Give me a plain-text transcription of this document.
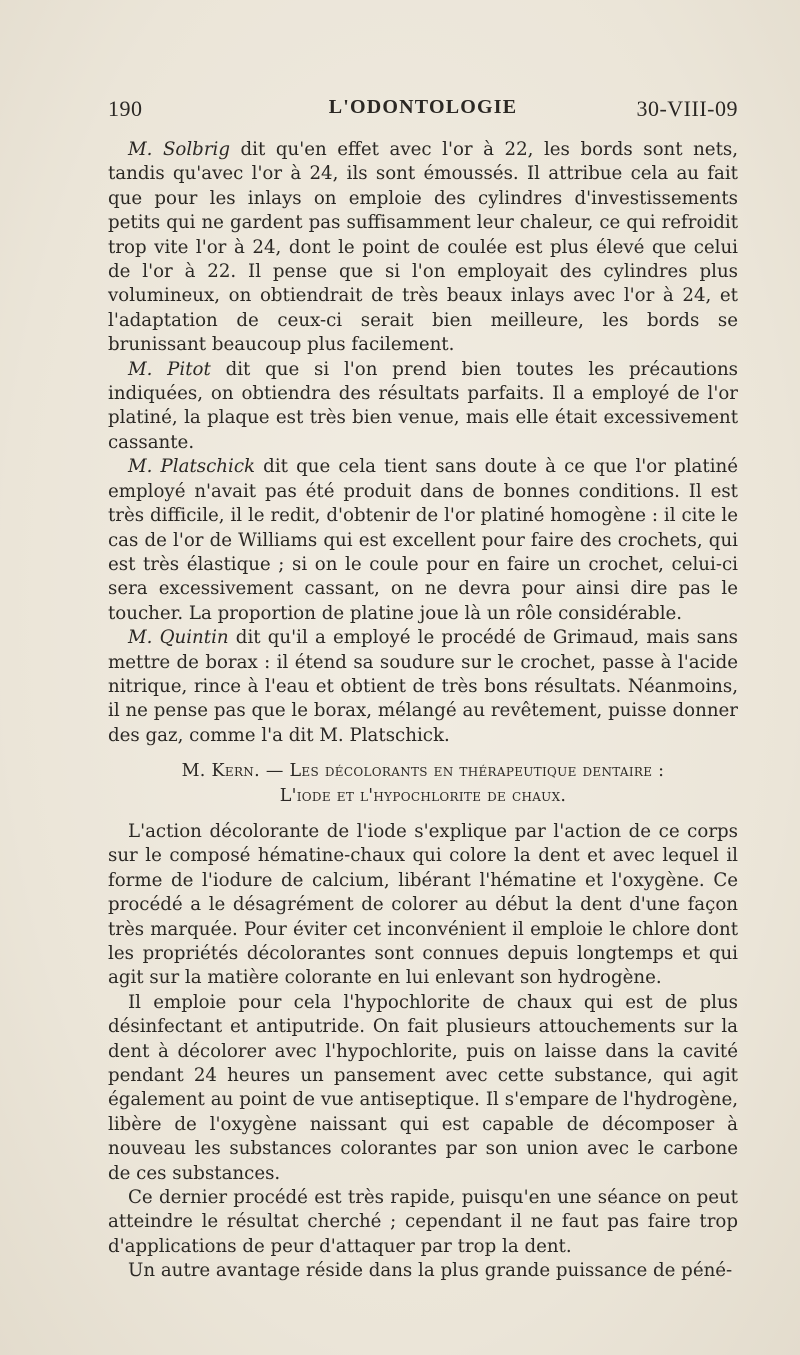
190	L'ODONTOLOGIE	30-VIII-09

M. Solbrig dit qu'en effet avec l'or à 22, les bords sont nets, tandis qu'avec l'or à 24, ils sont émoussés. Il attribue cela au fait que pour les inlays on emploie des cylindres d'investissements petits qui ne gardent pas suffisamment leur chaleur, ce qui refroidit trop vite l'or à 24, dont le point de coulée est plus élevé que celui de l'or à 22. Il pense que si l'on employait des cylindres plus volumineux, on obtiendrait de très beaux inlays avec l'or à 24, et l'adaptation de ceux-ci serait bien meilleure, les bords se brunissant beaucoup plus facilement.

M. Pitot dit que si l'on prend bien toutes les précautions indiquées, on obtiendra des résultats parfaits. Il a employé de l'or platiné, la plaque est très bien venue, mais elle était excessivement cassante.

M. Platschick dit que cela tient sans doute à ce que l'or platiné employé n'avait pas été produit dans de bonnes conditions. Il est très difficile, il le redit, d'obtenir de l'or platiné homogène : il cite le cas de l'or de Williams qui est excellent pour faire des crochets, qui est très élastique ; si on le coule pour en faire un crochet, celui-ci sera excessivement cassant, on ne devra pour ainsi dire pas le toucher. La proportion de platine joue là un rôle considérable.

M. Quintin dit qu'il a employé le procédé de Grimaud, mais sans mettre de borax : il étend sa soudure sur le crochet, passe à l'acide nitrique, rince à l'eau et obtient de très bons résultats. Néanmoins, il ne pense pas que le borax, mélangé au revêtement, puisse donner des gaz, comme l'a dit M. Platschick.

M. Kern. — Les décolorants en thérapeutique dentaire :
L'iode et l'hypochlorite de chaux.

L'action décolorante de l'iode s'explique par l'action de ce corps sur le composé hématine-chaux qui colore la dent et avec lequel il forme de l'iodure de calcium, libérant l'hématine et l'oxygène. Ce procédé a le désagrément de colorer au début la dent d'une façon très marquée. Pour éviter cet inconvénient il emploie le chlore dont les propriétés décolorantes sont connues depuis longtemps et qui agit sur la matière colorante en lui enlevant son hydrogène.

Il emploie pour cela l'hypochlorite de chaux qui est de plus désinfectant et antiputride. On fait plusieurs attouchements sur la dent à décolorer avec l'hypochlorite, puis on laisse dans la cavité pendant 24 heures un pansement avec cette substance, qui agit également au point de vue antiseptique. Il s'empare de l'hydrogène, libère de l'oxygène naissant qui est capable de décomposer à nouveau les substances colorantes par son union avec le carbone de ces substances.

Ce dernier procédé est très rapide, puisqu'en une séance on peut atteindre le résultat cherché ; cependant il ne faut pas faire trop d'applications de peur d'attaquer par trop la dent.

Un autre avantage réside dans la plus grande puissance de péné-
